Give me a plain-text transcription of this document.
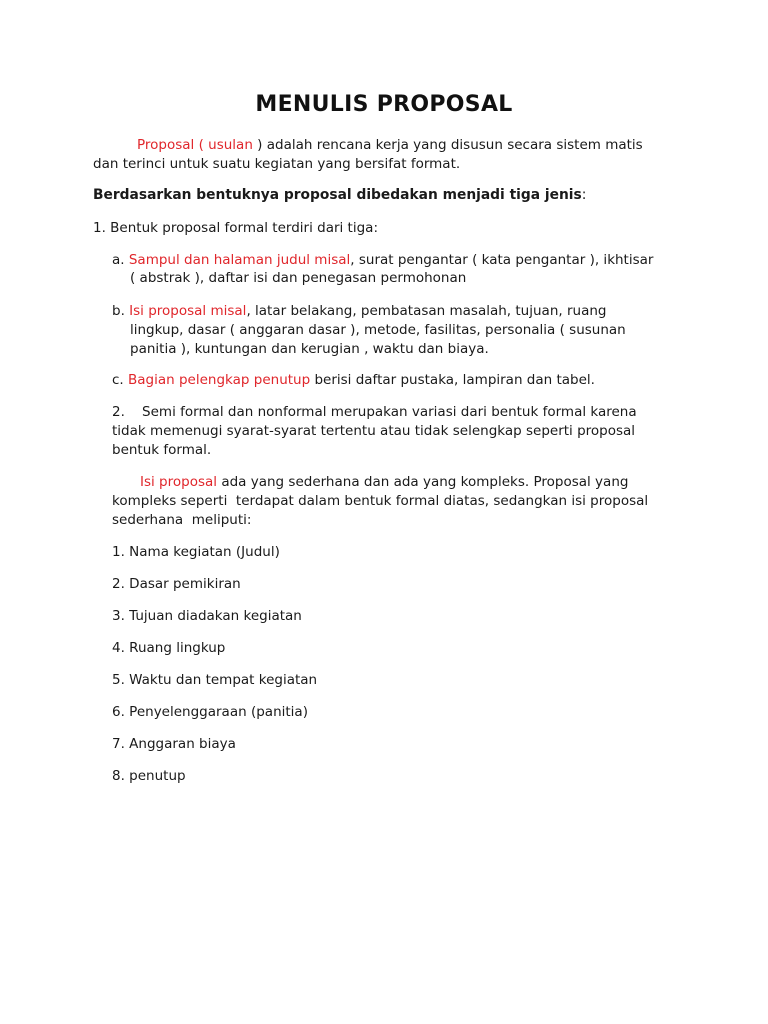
MENULIS PROPOSAL
Proposal ( usulan ) adalah rencana kerja yang disusun secara sistem matis
dan terinci untuk suatu kegiatan yang bersifat format.
Berdasarkan bentuknya proposal dibedakan menjadi tiga jenis:
1. Bentuk proposal formal terdiri dari tiga:
a. Sampul dan halaman judul misal, surat pengantar ( kata pengantar ), ikhtisar
( abstrak ), daftar isi dan penegasan permohonan
b. Isi proposal misal, latar belakang, pembatasan masalah, tujuan, ruang
lingkup, dasar ( anggaran dasar ), metode, fasilitas, personalia ( susunan
panitia ), kuntungan dan kerugian , waktu dan biaya.
c. Bagian pelengkap penutup berisi daftar pustaka, lampiran dan tabel.
2.    Semi formal dan nonformal merupakan variasi dari bentuk formal karena
tidak memenugi syarat-syarat tertentu atau tidak selengkap seperti proposal
bentuk formal.
Isi proposal ada yang sederhana dan ada yang kompleks. Proposal yang
kompleks seperti  terdapat dalam bentuk formal diatas, sedangkan isi proposal
sederhana  meliputi:
1. Nama kegiatan (Judul)
2. Dasar pemikiran
3. Tujuan diadakan kegiatan
4. Ruang lingkup
5. Waktu dan tempat kegiatan
6. Penyelenggaraan (panitia)
7. Anggaran biaya
8. penutup
